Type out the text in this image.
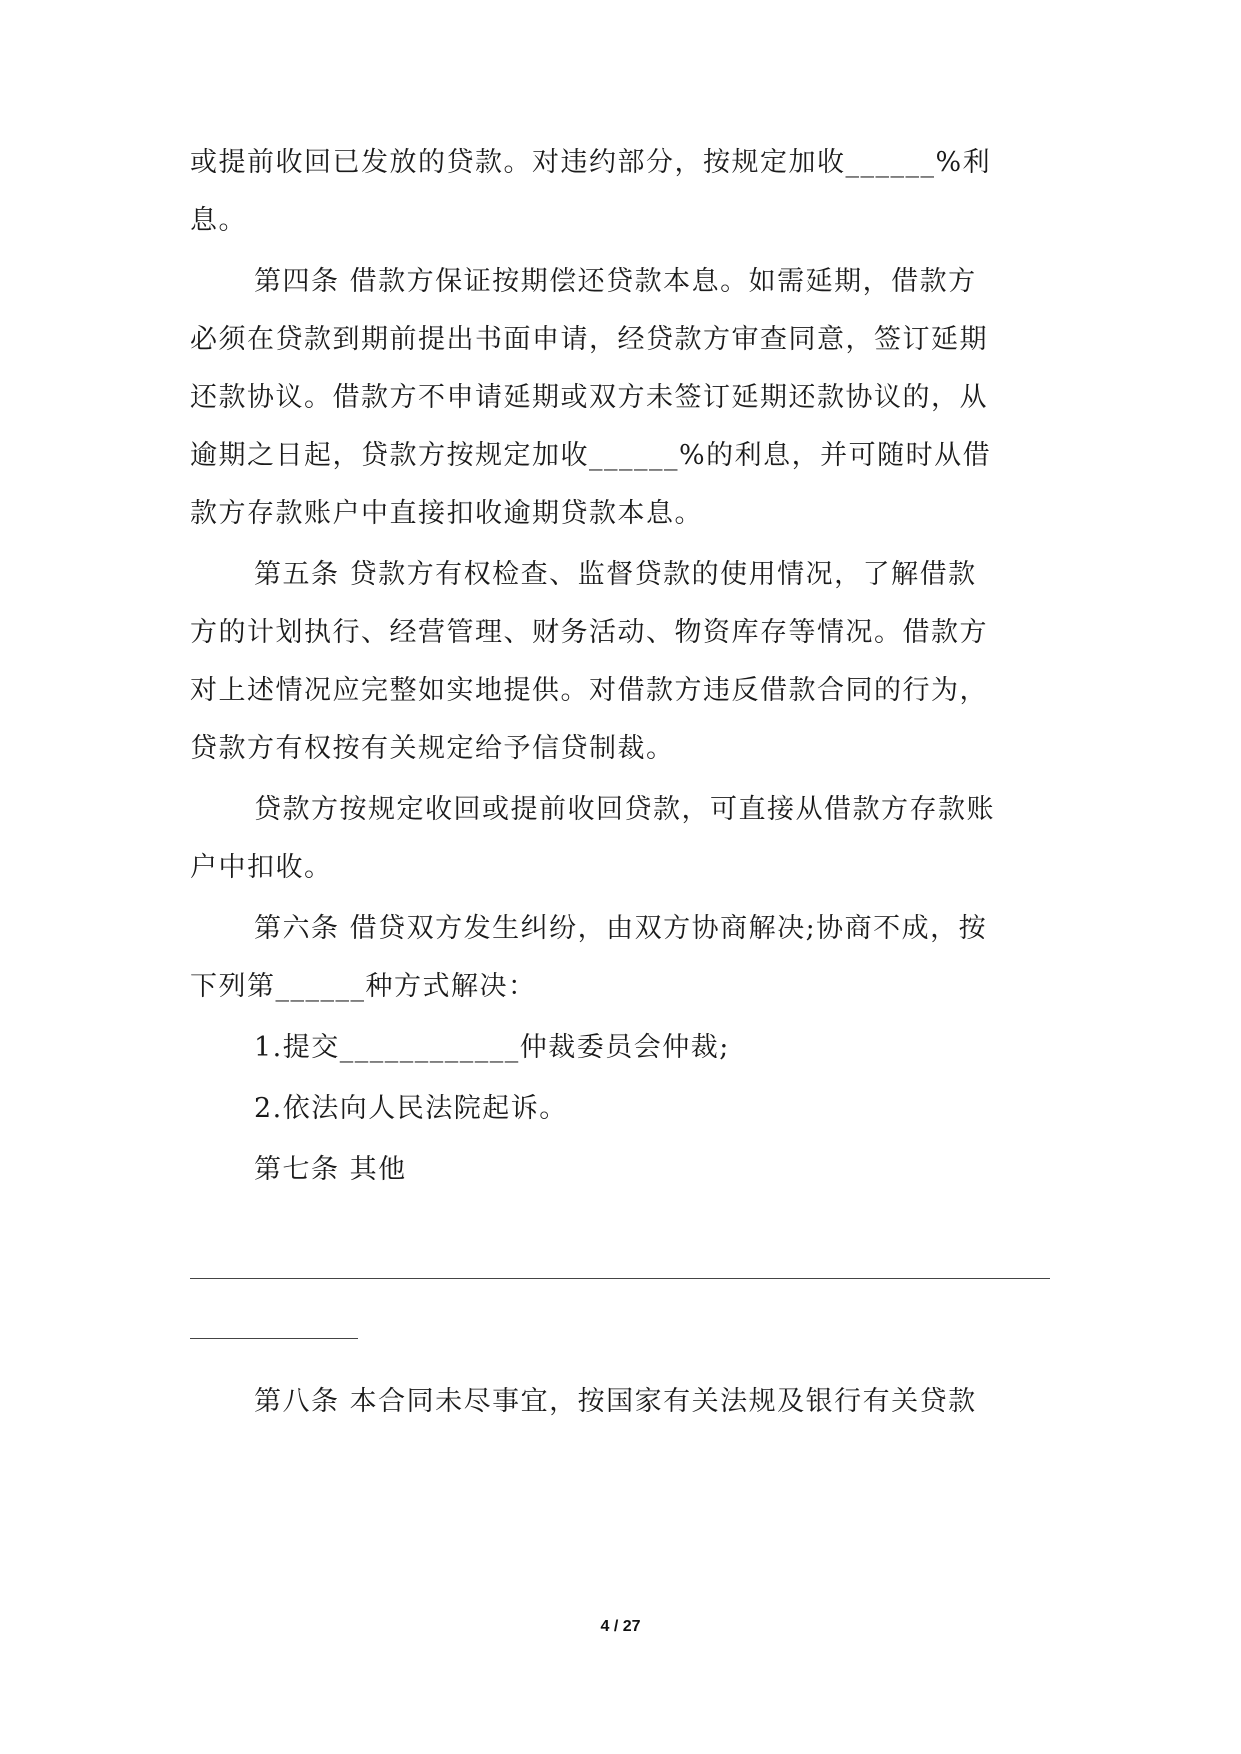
或提前收回已发放的贷款。对违约部分，按规定加收______%利
息。
第四条 借款方保证按期偿还贷款本息。如需延期，借款方
必须在贷款到期前提出书面申请，经贷款方审查同意，签订延期
还款协议。借款方不申请延期或双方未签订延期还款协议的，从
逾期之日起，贷款方按规定加收______%的利息，并可随时从借
款方存款账户中直接扣收逾期贷款本息。
第五条 贷款方有权检查、监督贷款的使用情况，了解借款
方的计划执行、经营管理、财务活动、物资库存等情况。借款方
对上述情况应完整如实地提供。对借款方违反借款合同的行为，
贷款方有权按有关规定给予信贷制裁。
贷款方按规定收回或提前收回贷款，可直接从借款方存款账
户中扣收。
第六条 借贷双方发生纠纷，由双方协商解决;协商不成，按
下列第______种方式解决：
1.提交____________仲裁委员会仲裁;
2.依法向人民法院起诉。
第七条 其他
第八条 本合同未尽事宜，按国家有关法规及银行有关贷款
4 / 27
